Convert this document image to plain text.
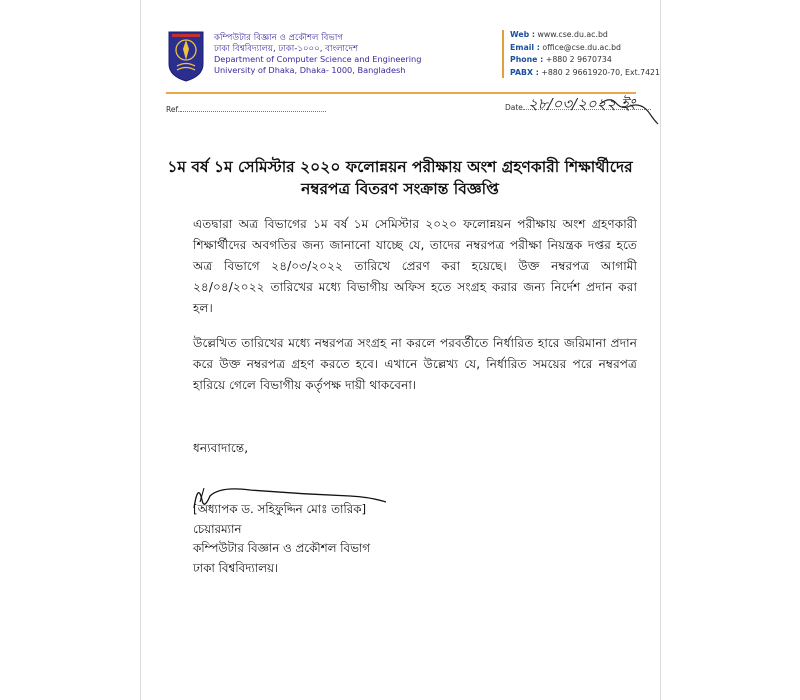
কম্পিউটার বিজ্ঞান ও প্রকৌশল বিভাগ
ঢাকা বিশ্ববিদ্যালয়, ঢাকা-১০০০, বাংলাদেশ
Department of Computer Science and Engineering
University of Dhaka, Dhaka- 1000, Bangladesh
Web : www.cse.du.ac.bd
Email : office@cse.du.ac.bd
Phone : +880 2 9670734
PABX : +880 2 9661920-70, Ext.7421
Ref.	Date ২৮/০৩/২০২২ ইং
১ম বর্ষ ১ম সেমিস্টার ২০২০ ফলোন্নয়ন পরীক্ষায় অংশ গ্রহণকারী শিক্ষার্থীদের নম্বরপত্র বিতরণ সংক্রান্ত বিজ্ঞপ্তি
এতদ্বারা অত্র বিভাগের ১ম বর্ষ ১ম সেমিস্টার ২০২০ ফলোন্নয়ন পরীক্ষায় অংশ গ্রহণকারী শিক্ষার্থীদের অবগতির জন্য জানানো যাচ্ছে যে, তাদের নম্বরপত্র পরীক্ষা নিয়ন্ত্রক দপ্তর হতে অত্র বিভাগে ২৪/০৩/২০২২ তারিখে প্রেরণ করা হয়েছে। উক্ত নম্বরপত্র আগামী ২৪/০৪/২০২২ তারিখের মধ্যে বিভাগীয় অফিস হতে সংগ্রহ করার জন্য নির্দেশ প্রদান করা হল।
উল্লেখিত তারিখের মধ্যে নম্বরপত্র সংগ্রহ না করলে পরবর্তীতে নির্ধারিত হারে জরিমানা প্রদান করে উক্ত নম্বরপত্র গ্রহণ করতে হবে। এখানে উল্লেখ্য যে, নির্ধারিত সময়ের পরে নম্বরপত্র হারিয়ে গেলে বিভাগীয় কর্তৃপক্ষ দায়ী থাকবেনা।
ধন্যবাদান্তে,
[অধ্যাপক ড. সহিফুদ্দিন মোঃ তারিক]
চেয়ারম্যান
কম্পিউটার বিজ্ঞান ও প্রকৌশল বিভাগ
ঢাকা বিশ্ববিদ্যালয়।
